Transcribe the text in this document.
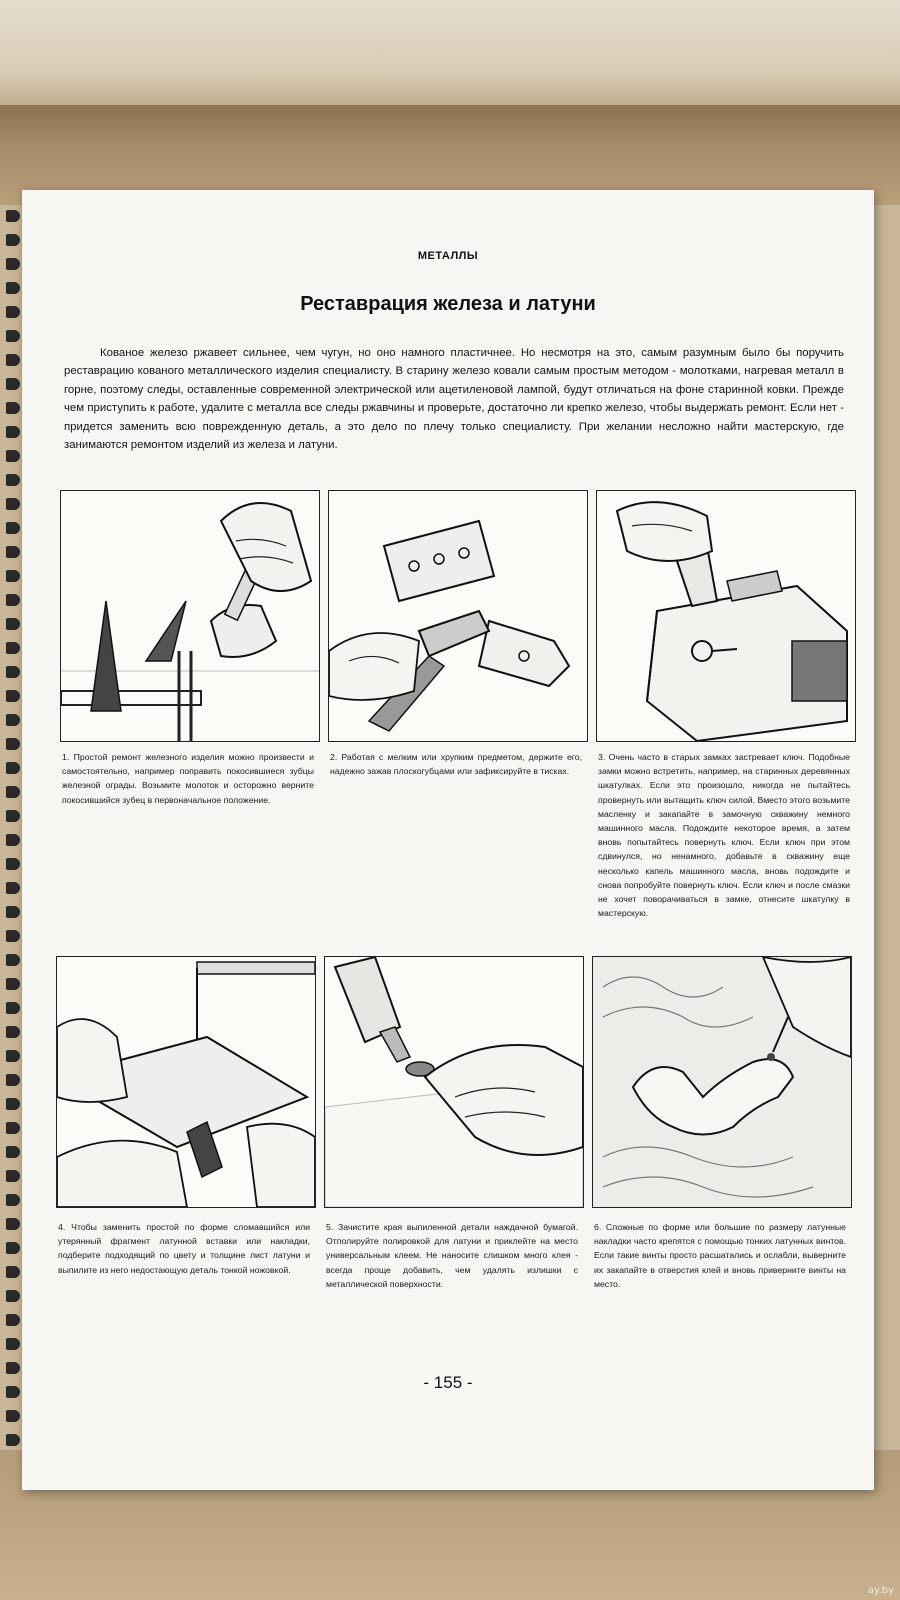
МЕТАЛЛЫ
Реставрация железа и латуни

Кованое железо ржавеет сильнее, чем чугун, но оно намного пластичнее. Но несмотря на это, самым разумным было бы поручить реставрацию кованого металлического изделия специалисту. В старину железо ковали самым простым методом - молотками, нагревая металл в горне, поэтому следы, оставленные современной электрической или ацетиленовой лампой, будут отличаться на фоне старинной ковки. Прежде чем приступить к работе, удалите с металла все следы ржавчины и проверьте, достаточно ли крепко железо, чтобы выдержать ремонт. Если нет - придется заменить всю поврежденную деталь, а это дело по плечу только специалисту. При желании несложно найти мастерскую, где занимаются ремонтом изделий из железа и латуни.

1. Простой ремонт железного изделия можно произвести и самостоятельно, например поправить покосившиеся зубцы железной ограды. Возьмите молоток и осторожно верните покосившийся зубец в первоначальное положение.

2. Работая с мелким или хрупким предметом, держите его, надежно зажав плоскогубцами или зафиксируйте в тисках.

3. Очень часто в старых замках застревает ключ. Подобные замки можно встретить, например, на старинных деревянных шкатулках. Если это произошло, никогда не пытайтесь провернуть или вытащить ключ силой. Вместо этого возьмите масленку и закапайте в замочную скважину немного машинного масла. Подождите некоторое время, а затем вновь попытайтесь повернуть ключ. Если ключ при этом сдвинулся, но ненамного, добавьте в скважину еще несколько капель машинного масла, вновь подождите и снова попробуйте повернуть ключ. Если ключ и после смазки не хочет поворачиваться в замке, отнесите шкатулку в мастерскую.

4. Чтобы заменить простой по форме сломавшийся или утерянный фрагмент латунной вставки или накладки, подберите подходящий по цвету и толщине лист латуни и выпилите из него недостающую деталь тонкой ножовкой.

5. Зачистите края выпиленной детали наждачной бумагой. Отполируйте полировкой для латуни и приклейте на место универсальным клеем. Не наносите слишком много клея - всегда проще добавить, чем удалять излишки с металлической поверхности.

6. Сложные по форме или большие по размеру латунные накладки часто крепятся с помощью тонких латунных винтов. Если такие винты просто расшатались и ослабли, выверните их закапайте в отверстия клей и вновь приверните винты на место.

- 155 -
ay.by
